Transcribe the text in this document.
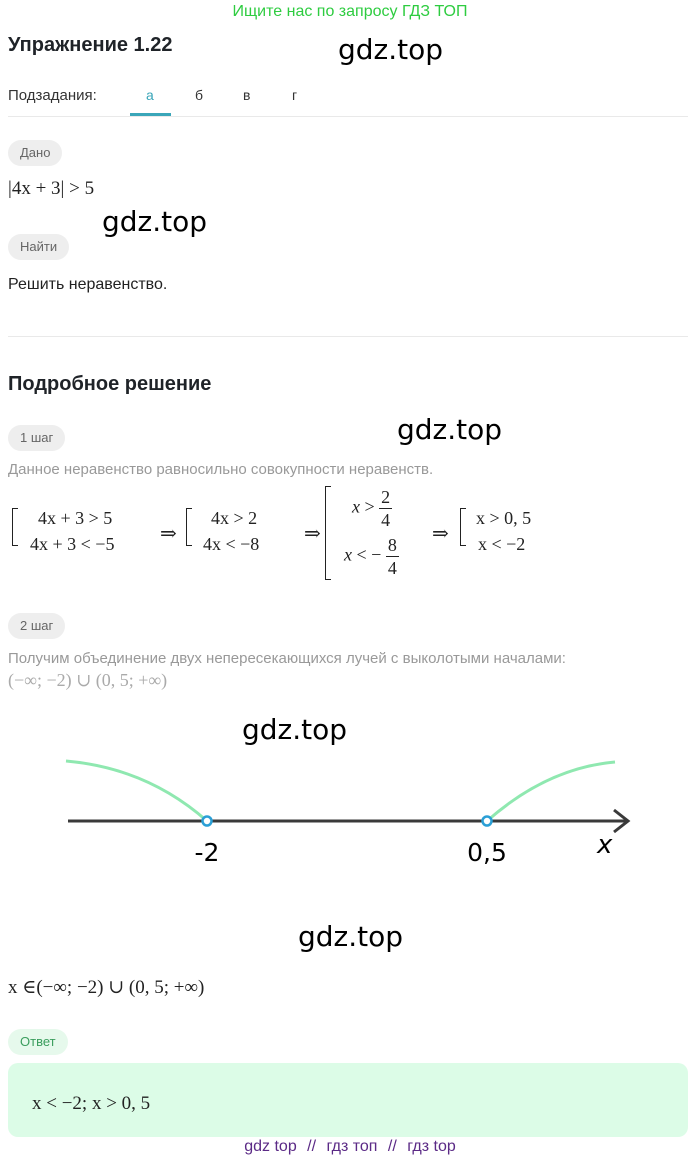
Ищите нас по запросу ГДЗ ТОП
Упражнение 1.22	gdz.top
gdz.top
gdz.top
gdz.top
gdz.top
Подзадания:	а	б	в	г
Дано
|4x + 3| > 5
Найти
Решить неравенство.
Подробное решение
1 шаг
Данное неравенство равносильно совокупности неравенств.
4x + 3 > 5
4x + 3 < −5 ⇒
4x > 2
4x < −8 ⇒
$x > \frac{2}{4}$
x < − $\frac{8}{4}$
⇒
x > 0, 5
x < −2
2 шаг
Получим объединение двух непересекающихся лучей с выколотыми началами:
(−∞; −2) ∪ (0, 5; +∞)
-2	0,5	x
x ∈(−∞; −2) ∪ (0, 5; +∞)
Ответ
x < −2; x > 0, 5
gdz top // гдз топ // гдз top
